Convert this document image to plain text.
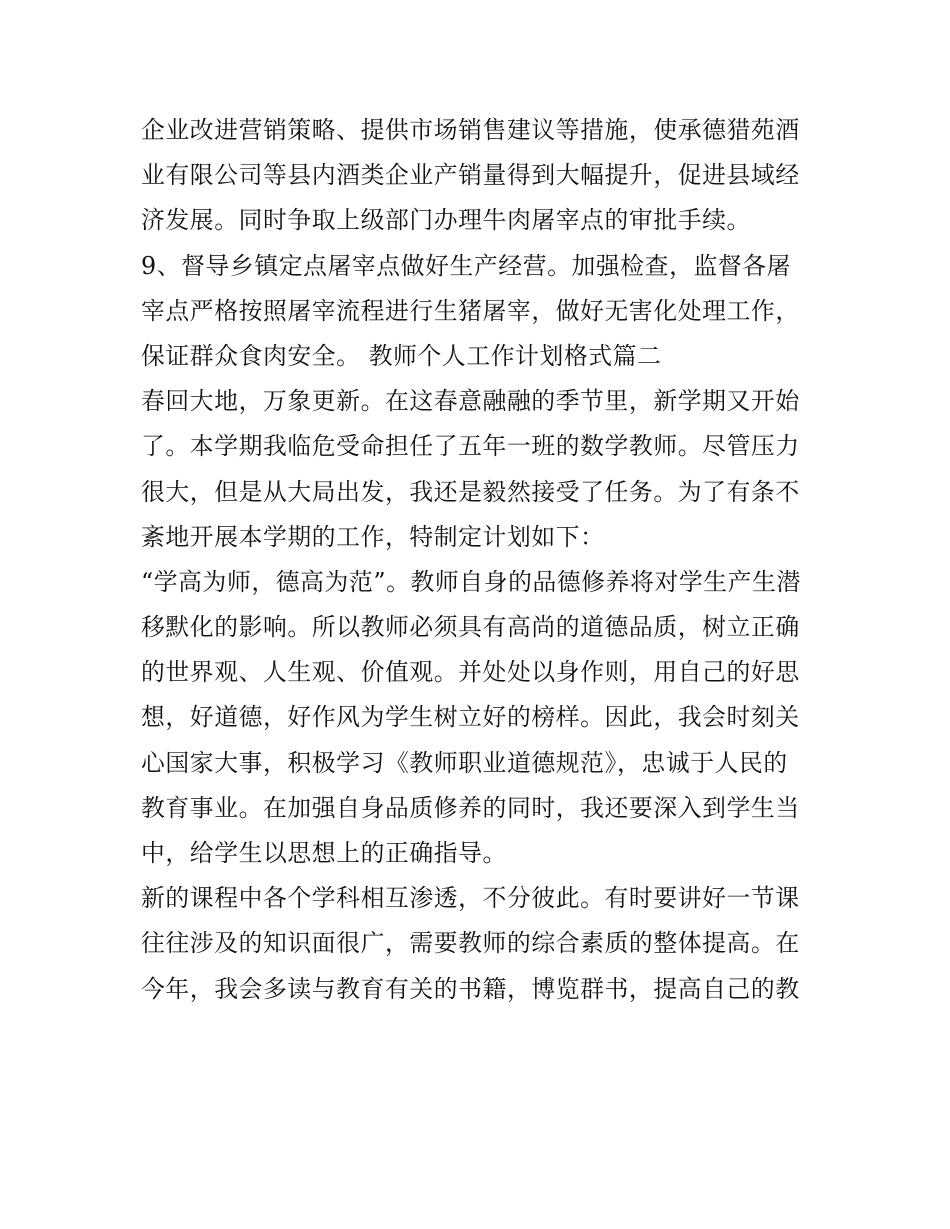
企业改进营销策略、提供市场销售建议等措施，使承德猎苑酒
业有限公司等县内酒类企业产销量得到大幅提升，促进县域经
济发展。同时争取上级部门办理牛肉屠宰点的审批手续。
9、督导乡镇定点屠宰点做好生产经营。加强检查，监督各屠
宰点严格按照屠宰流程进行生猪屠宰，做好无害化处理工作，
保证群众食肉安全。 教师个人工作计划格式篇二
春回大地，万象更新。在这春意融融的季节里，新学期又开始
了。本学期我临危受命担任了五年一班的数学教师。尽管压力
很大，但是从大局出发，我还是毅然接受了任务。为了有条不
紊地开展本学期的工作，特制定计划如下：
“学高为师，德高为范”。教师自身的品德修养将对学生产生潜
移默化的影响。所以教师必须具有高尚的道德品质，树立正确
的世界观、人生观、价值观。并处处以身作则，用自己的好思
想，好道德，好作风为学生树立好的榜样。因此，我会时刻关
心国家大事，积极学习《教师职业道德规范》，忠诚于人民的
教育事业。在加强自身品质修养的同时，我还要深入到学生当
中，给学生以思想上的正确指导。
新的课程中各个学科相互渗透，不分彼此。有时要讲好一节课
往往涉及的知识面很广，需要教师的综合素质的整体提高。在
今年，我会多读与教育有关的书籍，博览群书，提高自己的教
